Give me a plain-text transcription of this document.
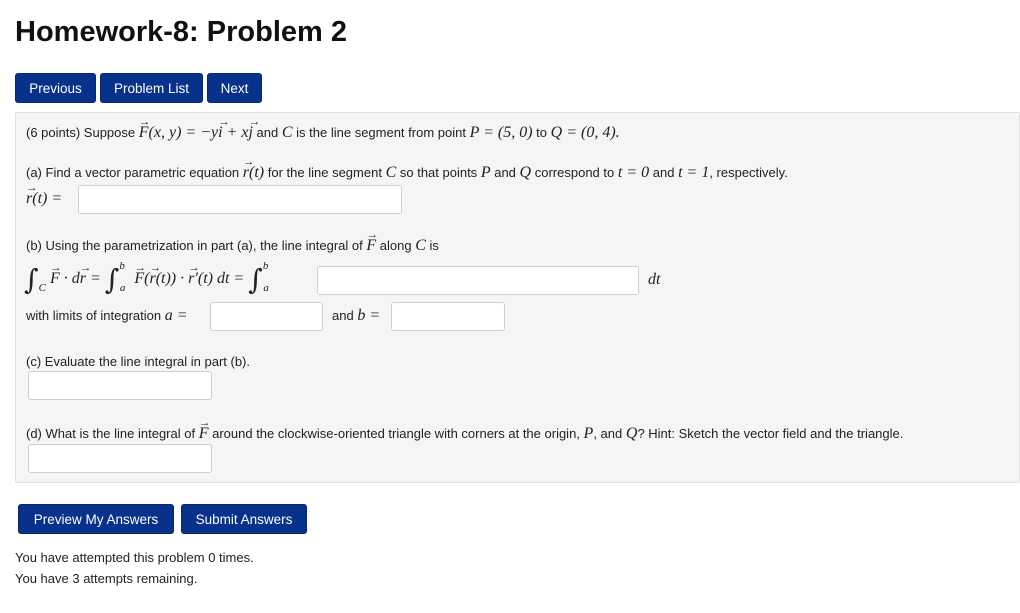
Homework-8: Problem 2
Previous	Problem List	Next
(6 points) Suppose → F(x, y) = −y→ i + x→ j and C is the line segment from point P = (5, 0) to Q = (0, 4).
(a) Find a vector parametric equation → r(t) for the line segment C so that points P and Q correspond to t = 0 and t = 1, respectively.
→ r(t) =
(b) Using the parametrization in part (a), the line integral of → F along C is
$\int_C \to F \cdot d\to r = \int^b_a \to F(\to r(t))$ · → r′(t) dt = ∫$^b_a$	dt
with limits of integration a =	and b =
(c) Evaluate the line integral in part (b).
(d) What is the line integral of → F around the clockwise-oriented triangle with corners at the origin, P, and Q? Hint: Sketch the vector field and the triangle.
Preview My Answers	Submit Answers
You have attempted this problem 0 times.
You have 3 attempts remaining.
